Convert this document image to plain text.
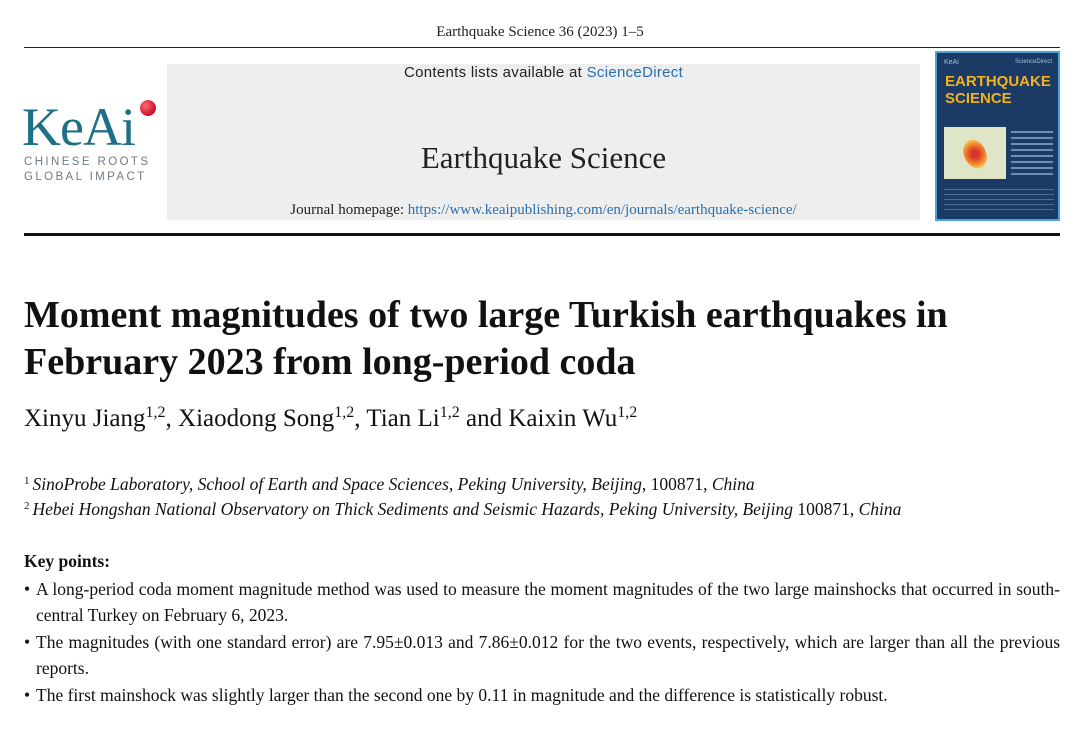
Earthquake Science 36 (2023) 1–5
KeAi
CHINESE ROOTS
GLOBAL IMPACT
Contents lists available at ScienceDirect
Earthquake Science
Journal homepage: https://www.keaipublishing.com/en/journals/earthquake-science/
KeAi	ScienceDirect
EARTHQUAKE
SCIENCE
Moment magnitudes of two large Turkish earthquakes in
February 2023 from long-period coda
Xinyu Jiang$^{1,2}$, Xiaodong Song$^{1,2}$, Tian Li$^{1,2}$ and Kaixin Wu$^{1,2}$
$^1$ SinoProbe Laboratory, School of Earth and Space Sciences, Peking University, Beijing, 100871, China
$^2$ Hebei Hongshan National Observatory on Thick Sediments and Seismic Hazards, Peking University, Beijing 100871, China
Key points:
• A long-period coda moment magnitude method was used to measure the moment magnitudes of the two large mainshocks that occurred in south-central Turkey on February 6, 2023.
• The magnitudes (with one standard error) are 7.95±0.013 and 7.86±0.012 for the two events, respectively, which are larger than all the previous reports.
• The first mainshock was slightly larger than the second one by 0.11 in magnitude and the difference is statistically robust.
